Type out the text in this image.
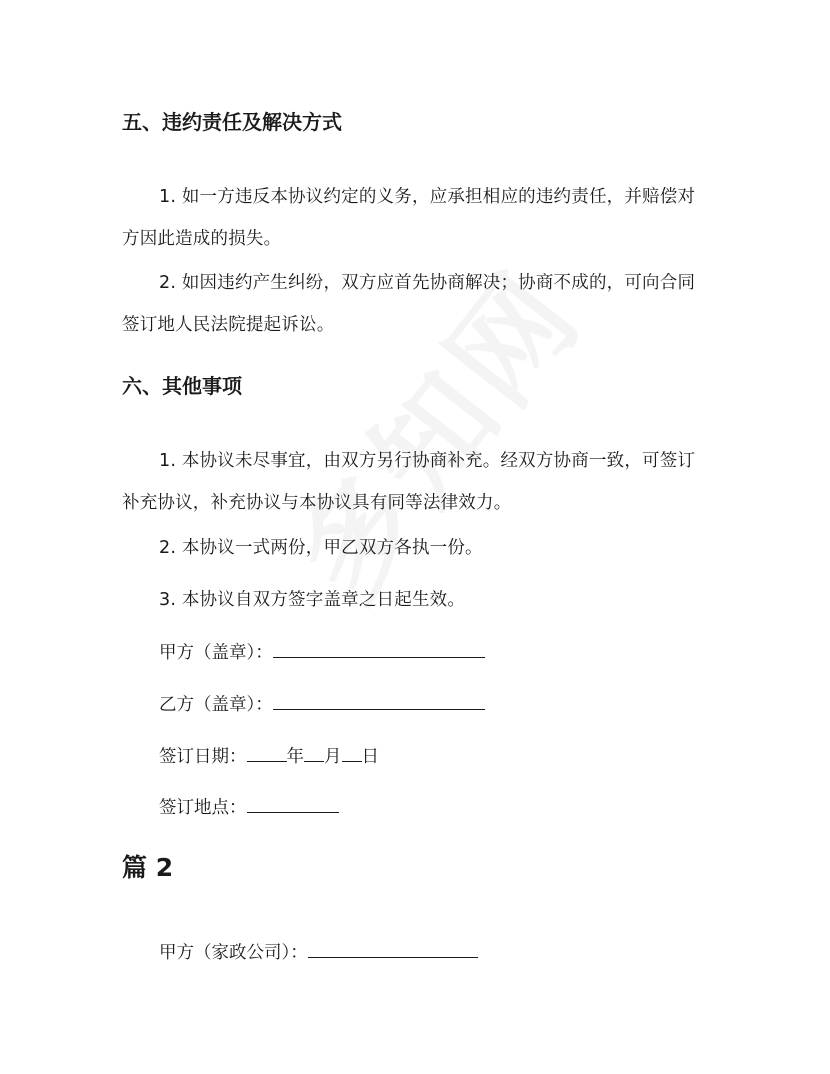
五、违约责任及解决方式

1. 如一方违反本协议约定的义务，应承担相应的违约责任，并赔偿对方因此造成的损失。

2. 如因违约产生纠纷，双方应首先协商解决；协商不成的，可向合同签订地人民法院提起诉讼。

六、其他事项

1. 本协议未尽事宜，由双方另行协商补充。经双方协商一致，可签订补充协议，补充协议与本协议具有同等法律效力。

2. 本协议一式两份，甲乙双方各执一份。

3. 本协议自双方签字盖章之日起生效。

甲方（盖章）：
乙方（盖章）：
签订日期： 年 月 日
签订地点：
篇 2
甲方（家政公司）：
